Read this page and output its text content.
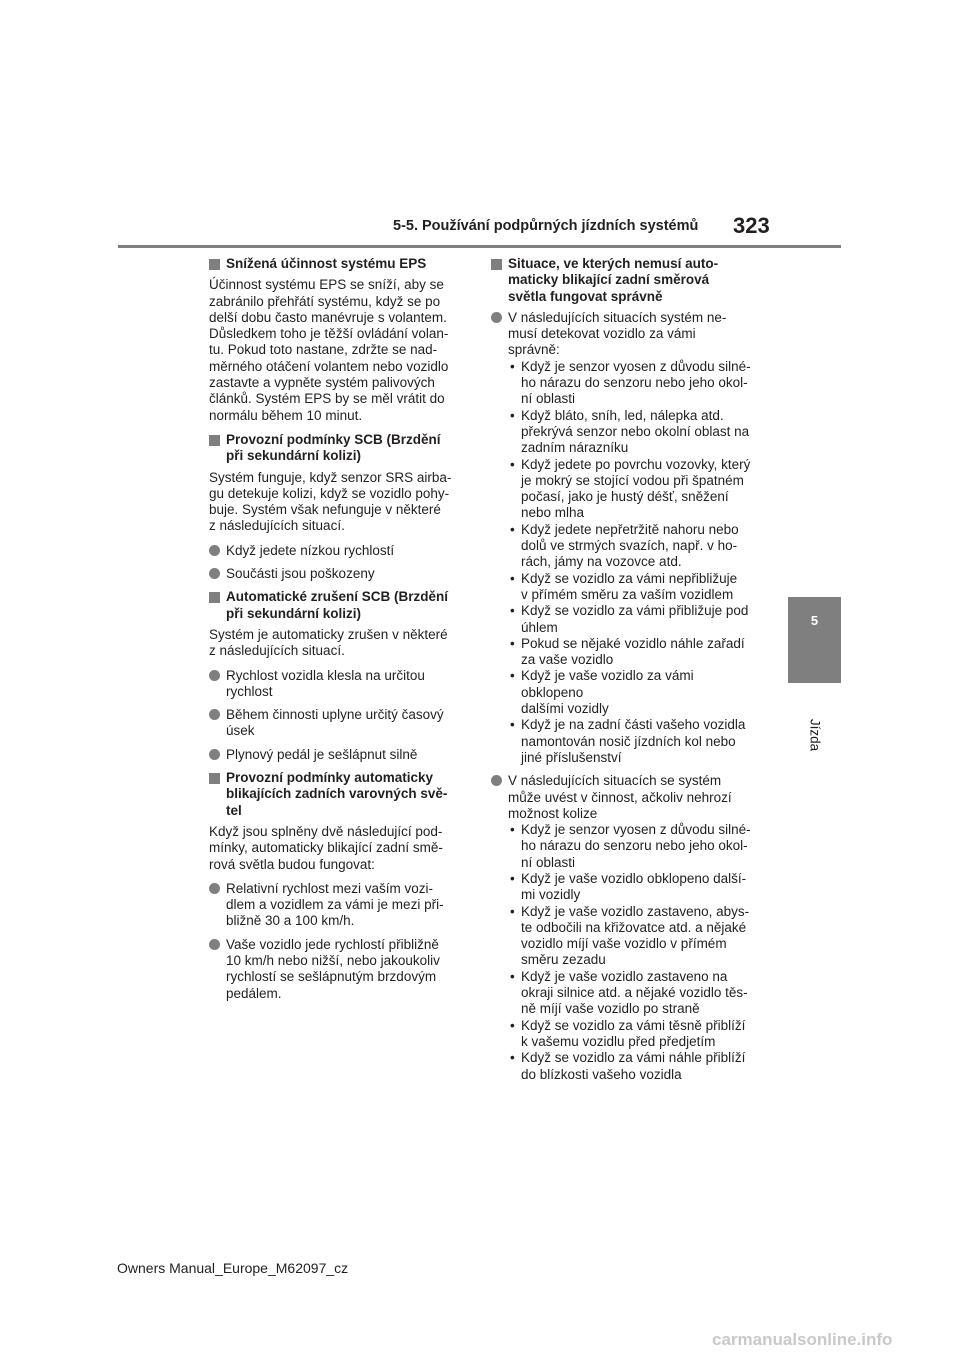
5-5. Používání podpůrných jízdních systémů 323
5
Jízda
Snížená účinnost systému EPS
Účinnost systému EPS se sníží, aby se
zabránilo přehřátí systému, když se po
delší dobu často manévruje s volantem.
Důsledkem toho je těžší ovládání volan-
tu. Pokud toto nastane, zdržte se nad-
měrného otáčení volantem nebo vozidlo
zastavte a vypněte systém palivových
článků. Systém EPS by se měl vrátit do
normálu během 10 minut.
Provozní podmínky SCB (Brzdění
při sekundární kolizi)
Systém funguje, když senzor SRS airba-
gu detekuje kolizi, když se vozidlo pohy-
buje. Systém však nefunguje v některé
z následujících situací.
Když jedete nízkou rychlostí
Součásti jsou poškozeny
Automatické zrušení SCB (Brzdění
při sekundární kolizi)
Systém je automaticky zrušen v některé
z následujících situací.
Rychlost vozidla klesla na určitou
rychlost
Během činnosti uplyne určitý časový
úsek
Plynový pedál je sešlápnut silně
Provozní podmínky automaticky
blikajících zadních varovných svě-
tel
Když jsou splněny dvě následující pod-
mínky, automaticky blikající zadní smě-
rová světla budou fungovat:
Relativní rychlost mezi vaším vozi-
dlem a vozidlem za vámi je mezi při-
bližně 30 a 100 km/h.
Vaše vozidlo jede rychlostí přibližně
10 km/h nebo nižší, nebo jakoukoliv
rychlostí se sešlápnutým brzdovým
pedálem.
Situace, ve kterých nemusí auto-
maticky blikající zadní směrová
světla fungovat správně
V následujících situacích systém ne-
musí detekovat vozidlo za vámi
správně:
• Když je senzor vyosen z důvodu silné-
ho nárazu do senzoru nebo jeho okol-
ní oblasti
• Když bláto, sníh, led, nálepka atd.
překrývá senzor nebo okolní oblast na
zadním nárazníku
• Když jedete po povrchu vozovky, který
je mokrý se stojící vodou při špatném
počasí, jako je hustý déšť, sněžení
nebo mlha
• Když jedete nepřetržitě nahoru nebo
dolů ve strmých svazích, např. v ho-
rách, jámy na vozovce atd.
• Když se vozidlo za vámi nepřibližuje
v přímém směru za vaším vozidlem
• Když se vozidlo za vámi přibližuje pod
úhlem
• Pokud se nějaké vozidlo náhle zařadí
za vaše vozidlo
• Když je vaše vozidlo za vámi obklopeno
dalšími vozidly
• Když je na zadní části vašeho vozidla
namontován nosič jízdních kol nebo
jiné příslušenství
V následujících situacích se systém
může uvést v činnost, ačkoliv nehrozí
možnost kolize
• Když je senzor vyosen z důvodu silné-
ho nárazu do senzoru nebo jeho okol-
ní oblasti
• Když je vaše vozidlo obklopeno další-
mi vozidly
• Když je vaše vozidlo zastaveno, abys-
te odbočili na křižovatce atd. a nějaké
vozidlo míjí vaše vozidlo v přímém
směru zezadu
• Když je vaše vozidlo zastaveno na
okraji silnice atd. a nějaké vozidlo těs-
ně míjí vaše vozidlo po straně
• Když se vozidlo za vámi těsně přiblíží
k vašemu vozidlu před předjetím
• Když se vozidlo za vámi náhle přiblíží
do blízkosti vašeho vozidla
Owners Manual_Europe_M62097_cz
carmanualsonline.info
